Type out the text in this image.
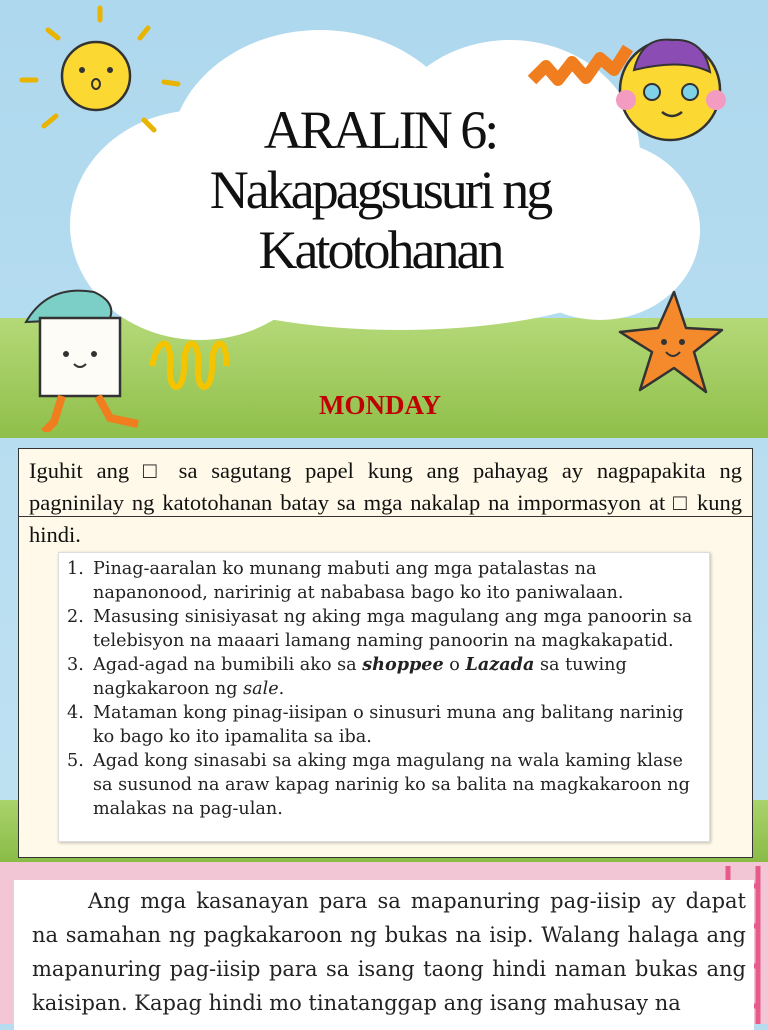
ARALIN 6:
Nakapagsusuri ng
Katotohanan
MONDAY
Iguhit ang □ sa sagutang papel kung ang pahayag ay nagpapakita ng pagninilay ng katotohanan batay sa mga nakalap na impormasyon at □ kung hindi.
1. Pinag-aaralan ko munang mabuti ang mga patalastas na napanonood, naririnig at nababasa bago ko ito paniwalaan.
2. Masusing sinisiyasat ng aking mga magulang ang mga panoorin sa telebisyon na maaari lamang naming panoorin na magkakapatid.
3. Agad-agad na bumibili ako sa shoppee o Lazada sa tuwing nagkakaroon ng sale.
4. Mataman kong pinag-iisipan o sinusuri muna ang balitang narinig ko bago ko ito ipamalita sa iba.
5. Agad kong sinasabi sa aking mga magulang na wala kaming klase sa susunod na araw kapag narinig ko sa balita na magkakaroon ng malakas na pag-ulan.
Ang mga kasanayan para sa mapanuring pag-iisip ay dapat na samahan ng pagkakaroon ng bukas na isip. Walang halaga ang mapanuring pag-iisip para sa isang taong hindi naman bukas ang kaisipan. Kapag hindi mo tinatanggap ang isang mahusay na
